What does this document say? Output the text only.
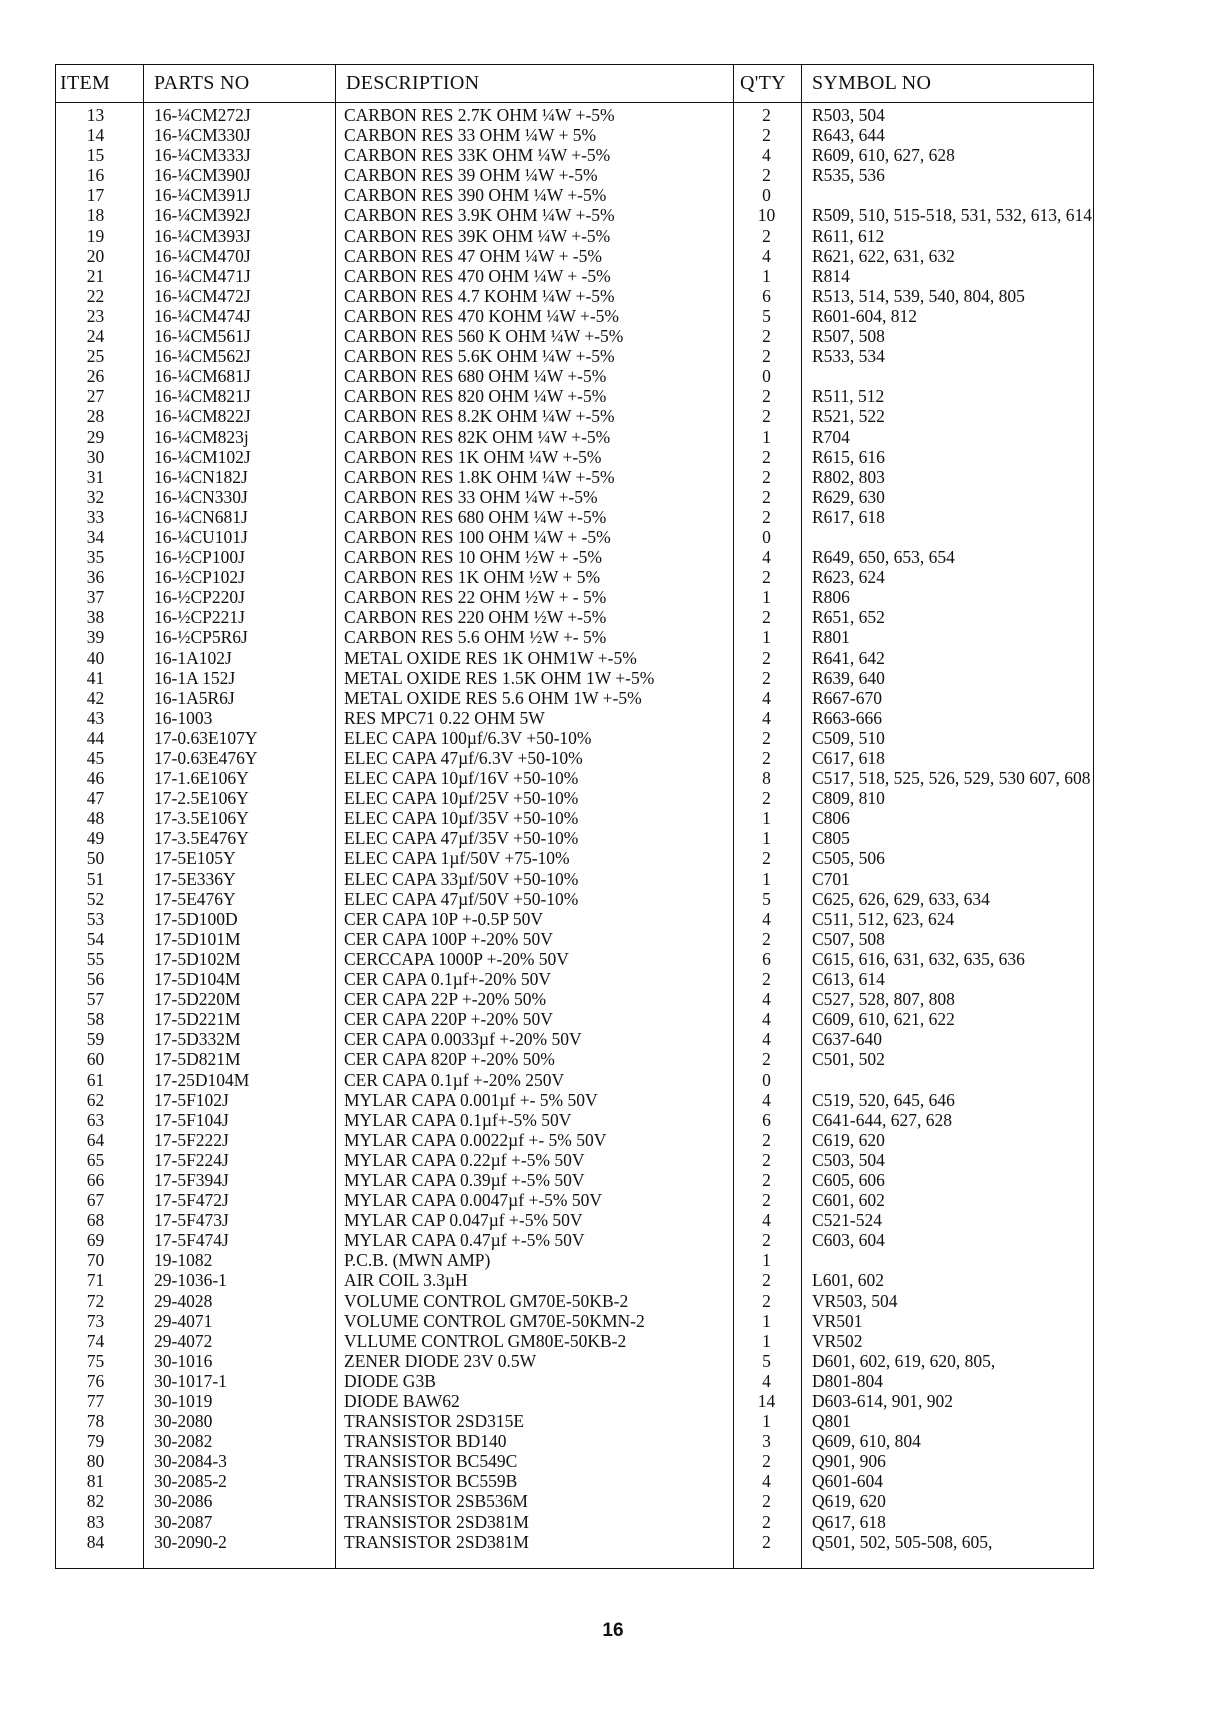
ITEM	PARTS NO	DESCRIPTION	Q'TY	SYMBOL NO
13	16-¼CM272J	CARBON RES 2.7K OHM ¼W +-5%	2	R503, 504
14	16-¼CM330J	CARBON RES 33 OHM ¼W + 5%	2	R643, 644
15	16-¼CM333J	CARBON RES 33K OHM ¼W +-5%	4	R609, 610, 627, 628
16	16-¼CM390J	CARBON RES 39 OHM ¼W +-5%	2	R535, 536
17	16-¼CM391J	CARBON RES 390 OHM ¼W +-5%	0	
18	16-¼CM392J	CARBON RES 3.9K OHM ¼W +-5%	10	R509, 510, 515-518, 531, 532, 613, 614
19	16-¼CM393J	CARBON RES 39K OHM ¼W +-5%	2	R611, 612
20	16-¼CM470J	CARBON RES 47 OHM ¼W + -5%	4	R621, 622, 631, 632
21	16-¼CM471J	CARBON RES 470 OHM ¼W + -5%	1	R814
22	16-¼CM472J	CARBON RES 4.7 KOHM ¼W +-5%	6	R513, 514, 539, 540, 804, 805
23	16-¼CM474J	CARBON RES 470 KOHM ¼W +-5%	5	R601-604, 812
24	16-¼CM561J	CARBON RES 560 K OHM ¼W +-5%	2	R507, 508
25	16-¼CM562J	CARBON RES 5.6K OHM ¼W +-5%	2	R533, 534
26	16-¼CM681J	CARBON RES 680 OHM ¼W +-5%	0	
27	16-¼CM821J	CARBON RES 820 OHM ¼W +-5%	2	R511, 512
28	16-¼CM822J	CARBON RES 8.2K OHM ¼W +-5%	2	R521, 522
29	16-¼CM823j	CARBON RES 82K OHM ¼W +-5%	1	R704
30	16-¼CM102J	CARBON RES 1K OHM ¼W +-5%	2	R615, 616
31	16-¼CN182J	CARBON RES 1.8K OHM ¼W +-5%	2	R802, 803
32	16-¼CN330J	CARBON RES 33 OHM ¼W +-5%	2	R629, 630
33	16-¼CN681J	CARBON RES 680 OHM ¼W +-5%	2	R617, 618
34	16-¼CU101J	CARBON RES 100 OHM ¼W + -5%	0	
35	16-½CP100J	CARBON RES 10 OHM ½W + -5%	4	R649, 650, 653, 654
36	16-½CP102J	CARBON RES 1K OHM ½W + 5%	2	R623, 624
37	16-½CP220J	CARBON RES 22 OHM ½W + - 5%	1	R806
38	16-½CP221J	CARBON RES 220 OHM ½W +-5%	2	R651, 652
39	16-½CP5R6J	CARBON RES 5.6 OHM ½W +- 5%	1	R801
40	16-1A102J	METAL OXIDE RES 1K OHM1W +-5%	2	R641, 642
41	16-1A 152J	METAL OXIDE RES 1.5K OHM 1W +-5%	2	R639, 640
42	16-1A5R6J	METAL OXIDE RES 5.6 OHM 1W +-5%	4	R667-670
43	16-1003	RES MPC71 0.22 OHM 5W	4	R663-666
44	17-0.63E107Y	ELEC CAPA 100µf/6.3V +50-10%	2	C509, 510
45	17-0.63E476Y	ELEC CAPA 47µf/6.3V +50-10%	2	C617, 618
46	17-1.6E106Y	ELEC CAPA 10µf/16V +50-10%	8	C517, 518, 525, 526, 529, 530 607, 608
47	17-2.5E106Y	ELEC CAPA 10µf/25V +50-10%	2	C809, 810
48	17-3.5E106Y	ELEC CAPA 10µf/35V +50-10%	1	C806
49	17-3.5E476Y	ELEC CAPA 47µf/35V +50-10%	1	C805
50	17-5E105Y	ELEC CAPA 1µf/50V +75-10%	2	C505, 506
51	17-5E336Y	ELEC CAPA 33µf/50V +50-10%	1	C701
52	17-5E476Y	ELEC CAPA 47µf/50V +50-10%	5	C625, 626, 629, 633, 634
53	17-5D100D	CER CAPA 10P +-0.5P 50V	4	C511, 512, 623, 624
54	17-5D101M	CER CAPA 100P +-20% 50V	2	C507, 508
55	17-5D102M	CERCCAPA 1000P +-20% 50V	6	C615, 616, 631, 632, 635, 636
56	17-5D104M	CER CAPA 0.1µf+-20% 50V	2	C613, 614
57	17-5D220M	CER CAPA 22P +-20% 50%	4	C527, 528, 807, 808
58	17-5D221M	CER CAPA 220P +-20% 50V	4	C609, 610, 621, 622
59	17-5D332M	CER CAPA 0.0033µf +-20% 50V	4	C637-640
60	17-5D821M	CER CAPA 820P +-20% 50%	2	C501, 502
61	17-25D104M	CER CAPA 0.1µf +-20% 250V	0	
62	17-5F102J	MYLAR CAPA 0.001µf +- 5% 50V	4	C519, 520, 645, 646
63	17-5F104J	MYLAR CAPA 0.1µf+-5% 50V	6	C641-644, 627, 628
64	17-5F222J	MYLAR CAPA 0.0022µf +- 5% 50V	2	C619, 620
65	17-5F224J	MYLAR CAPA 0.22µf +-5% 50V	2	C503, 504
66	17-5F394J	MYLAR CAPA 0.39µf +-5% 50V	2	C605, 606
67	17-5F472J	MYLAR CAPA 0.0047µf +-5% 50V	2	C601, 602
68	17-5F473J	MYLAR CAP 0.047µf +-5% 50V	4	C521-524
69	17-5F474J	MYLAR CAPA 0.47µf +-5% 50V	2	C603, 604
70	19-1082	P.C.B. (MWN AMP)	1	
71	29-1036-1	AIR COIL 3.3µH	2	L601, 602
72	29-4028	VOLUME CONTROL GM70E-50KB-2	2	VR503, 504
73	29-4071	VOLUME CONTROL GM70E-50KMN-2	1	VR501
74	29-4072	VLLUME CONTROL GM80E-50KB-2	1	VR502
75	30-1016	ZENER DIODE 23V 0.5W	5	D601, 602, 619, 620, 805,
76	30-1017-1	DIODE G3B	4	D801-804
77	30-1019	DIODE BAW62	14	D603-614, 901, 902
78	30-2080	TRANSISTOR 2SD315E	1	Q801
79	30-2082	TRANSISTOR BD140	3	Q609, 610, 804
80	30-2084-3	TRANSISTOR BC549C	2	Q901, 906
81	30-2085-2	TRANSISTOR BC559B	4	Q601-604
82	30-2086	TRANSISTOR 2SB536M	2	Q619, 620
83	30-2087	TRANSISTOR 2SD381M	2	Q617, 618
84	30-2090-2	TRANSISTOR 2SD381M	2	Q501, 502, 505-508, 605,
16
